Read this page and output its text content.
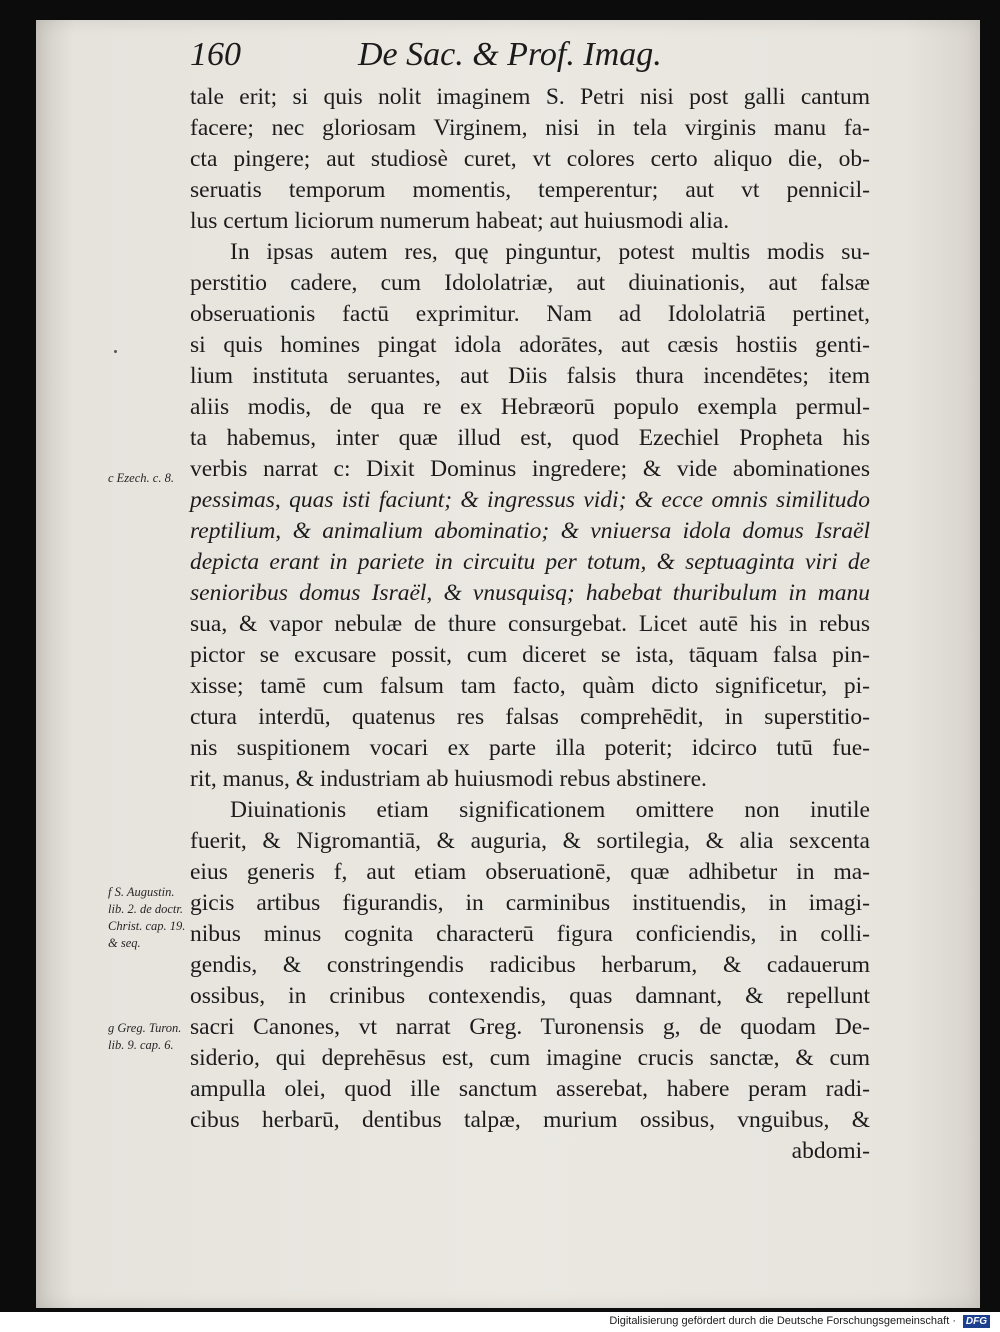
160	De Sac. & Prof. Imag.
c Ezech. c. 8.
f S. Augustin.
lib. 2. de doctr.
Christ. cap. 19.
& seq.
g Greg. Turon.
lib. 9. cap. 6.
tale erit; si quis nolit imaginem S. Petri nisi post galli cantum
facere; nec gloriosam Virginem, nisi in tela virginis manu fa-
cta pingere; aut studiosè curet, vt colores certo aliquo die, ob-
seruatis temporum momentis, temperentur; aut vt pennicil-
lus certum liciorum numerum habeat; aut huiusmodi alia.
In ipsas autem res, quę pinguntur, potest multis modis su-
perstitio cadere, cum Idololatriæ, aut diuinationis, aut falsæ
obseruationis factū exprimitur. Nam ad Idololatriā pertinet,
si quis homines pingat idola adorātes, aut cæsis hostiis genti-
lium instituta seruantes, aut Diis falsis thura incendētes; item
aliis modis, de qua re ex Hebræorū populo exempla permul-
ta habemus, inter quæ illud est, quod Ezechiel Propheta his
verbis narrat c: Dixit Dominus ingredere; & vide abominationes
pessimas, quas isti faciunt; & ingressus vidi; & ecce omnis similitudo
reptilium, & animalium abominatio; & vniuersa idola domus Israël
depicta erant in pariete in circuitu per totum, & septuaginta viri de
senioribus domus Israël, & vnusquisq; habebat thuribulum in manu
sua, & vapor nebulæ de thure consurgebat. Licet autē his in rebus
pictor se excusare possit, cum diceret se ista, tāquam falsa pin-
xisse; tamē cum falsum tam facto, quàm dicto significetur, pi-
ctura interdū, quatenus res falsas comprehēdit, in superstitio-
nis suspitionem vocari ex parte illa poterit; idcirco tutū fue-
rit, manus, & industriam ab huiusmodi rebus abstinere.
Diuinationis etiam significationem omittere non inutile
fuerit, & Nigromantiā, & auguria, & sortilegia, & alia sexcenta
eius generis f, aut etiam obseruationē, quæ adhibetur in ma-
gicis artibus figurandis, in carminibus instituendis, in imagi-
nibus minus cognita characterū figura conficiendis, in colli-
gendis, & constringendis radicibus herbarum, & cadauerum
ossibus, in crinibus contexendis, quas damnant, & repellunt
sacri Canones, vt narrat Greg. Turonensis g, de quodam De-
siderio, qui deprehēsus est, cum imagine crucis sanctæ, & cum
ampulla olei, quod ille sanctum asserebat, habere peram radi-
cibus herbarū, dentibus talpæ, murium ossibus, vnguibus, &
abdomi-
Digitalisierung gefördert durch die Deutsche Forschungsgemeinschaft · DFG
